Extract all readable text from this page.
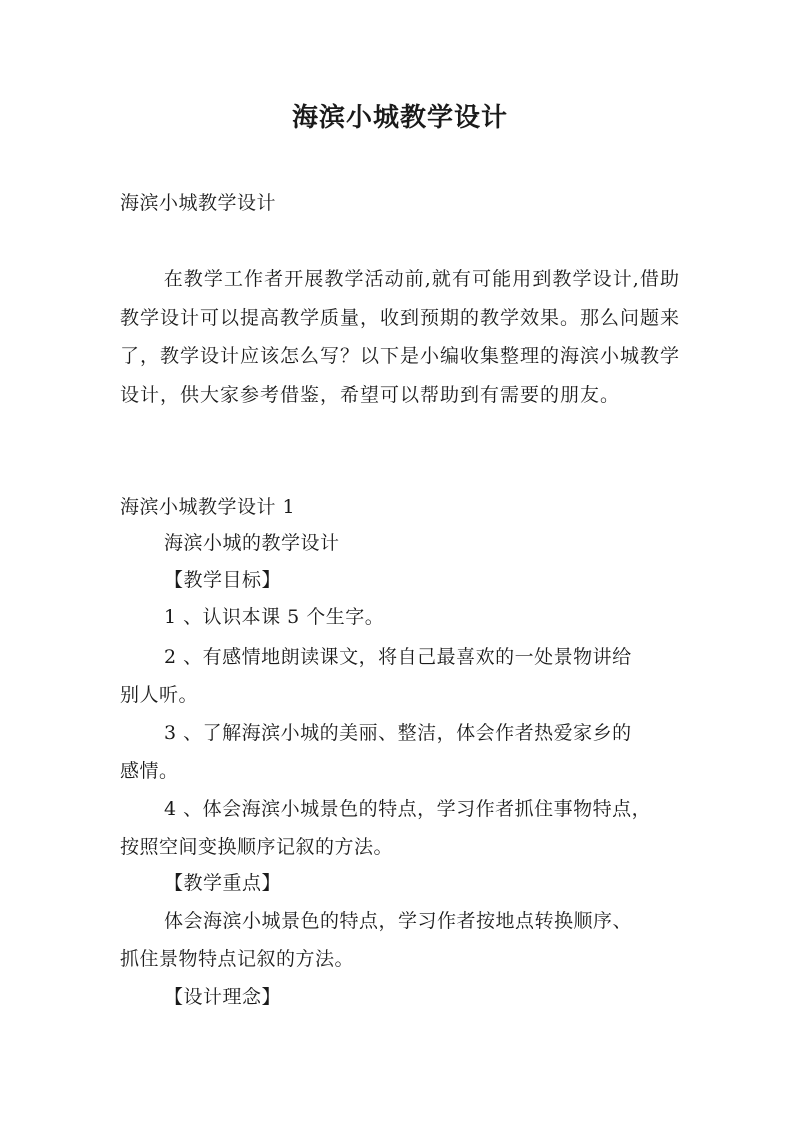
海滨小城教学设计
海滨小城教学设计
在教学工作者开展教学活动前,就有可能用到教学设计,借助教学设计可以提高教学质量，收到预期的教学效果。那么问题来了，教学设计应该怎么写？以下是小编收集整理的海滨小城教学设计，供大家参考借鉴，希望可以帮助到有需要的朋友。
海滨小城教学设计 1
海滨小城的教学设计
【教学目标】
1 、认识本课 5 个生字。
2 、有感情地朗读课文，将自己最喜欢的一处景物讲给
别人听。
3 、了解海滨小城的美丽、整洁，体会作者热爱家乡的
感情。
4 、体会海滨小城景色的特点，学习作者抓住事物特点，
按照空间变换顺序记叙的方法。
【教学重点】
体会海滨小城景色的特点，学习作者按地点转换顺序、
抓住景物特点记叙的方法。
【设计理念】
